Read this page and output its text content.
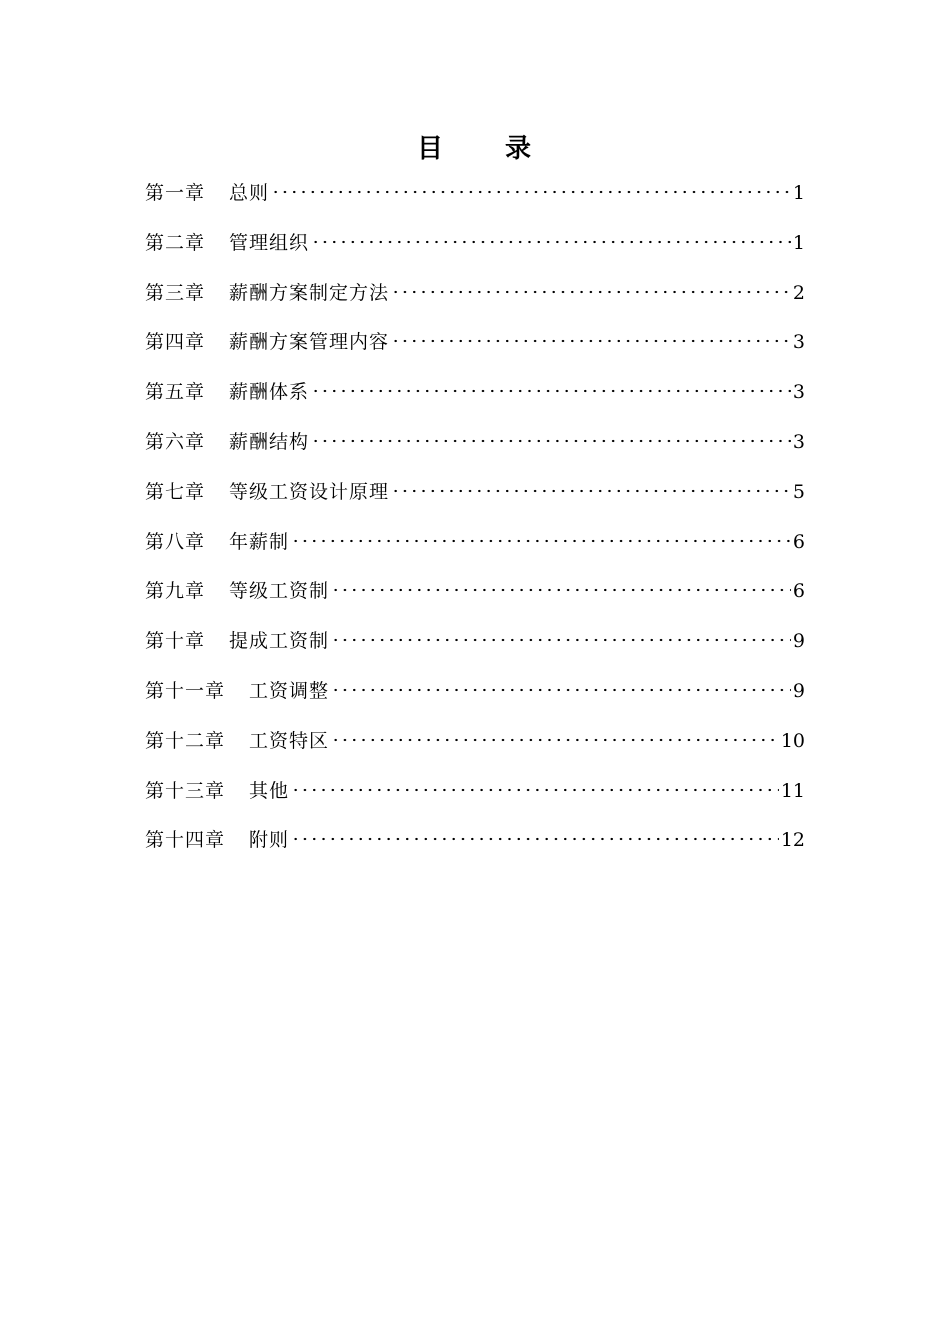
目 录
第一章 总则	1
第二章 管理组织	1
第三章 薪酬方案制定方法	2
第四章 薪酬方案管理内容	3
第五章 薪酬体系	3
第六章 薪酬结构	3
第七章 等级工资设计原理	5
第八章 年薪制	6
第九章 等级工资制	6
第十章 提成工资制	9
第十一章 工资调整	9
第十二章 工资特区	10
第十三章 其他	11
第十四章 附则	12
